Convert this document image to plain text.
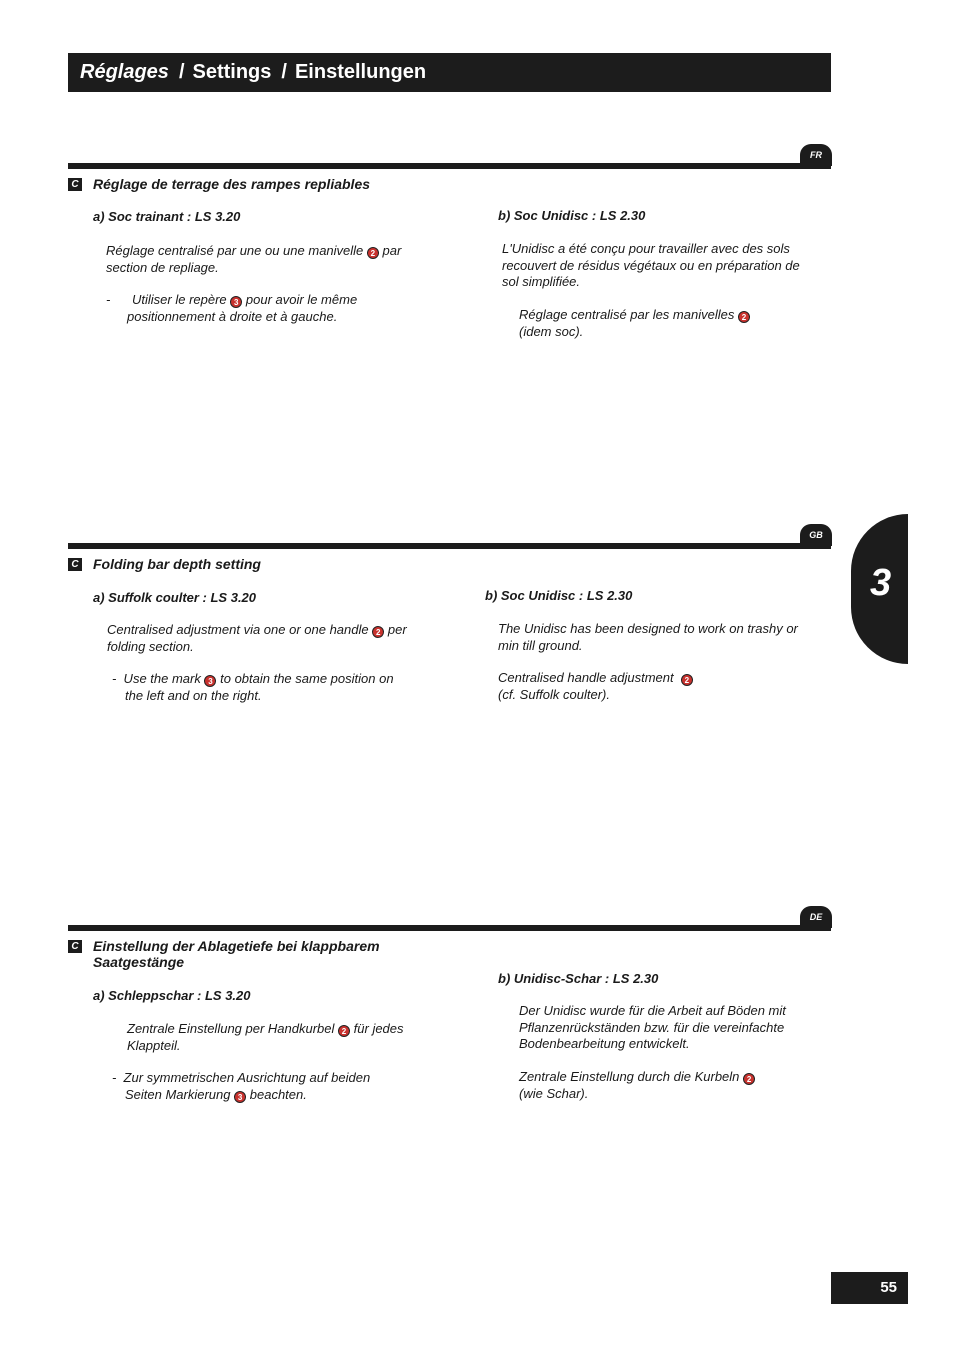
Réglages / Settings / Einstellungen
FR
C Réglage de terrage des rampes repliables
a) Soc trainant : LS 3.20
Réglage centralisé par une ou une manivelle 2 par
section de repliage.
-      Utiliser le repère 3 pour avoir le même
positionnement à droite et à gauche.
b) Soc Unidisc : LS 2.30
L'Unidisc a été conçu pour travailler avec des sols
recouvert de résidus végétaux ou en préparation de
sol simplifiée.
Réglage centralisé par les manivelles 2
(idem soc).
GB
C Folding bar depth setting
a) Suffolk coulter : LS 3.20
Centralised adjustment via one or one handle 2 per
folding section.
-  Use the mark 3 to obtain the same position on
the left and on the right.
b) Soc Unidisc : LS 2.30
The Unidisc has been designed to work on trashy or
min till ground.
Centralised handle adjustment 2
(cf. Suffolk coulter).
DE
C Einstellung der Ablagetiefe bei klappbarem
Saatgestänge
a) Schleppschar : LS 3.20
Zentrale Einstellung per Handkurbel 2 für jedes
Klappteil.
-  Zur symmetrischen Ausrichtung auf beiden
Seiten Markierung 3 beachten.
b) Unidisc-Schar : LS 2.30
Der Unidisc wurde für die Arbeit auf Böden mit
Pflanzenrückständen bzw. für die vereinfachte
Bodenbearbeitung entwickelt.
Zentrale Einstellung durch die Kurbeln 2
(wie Schar).
3
55
